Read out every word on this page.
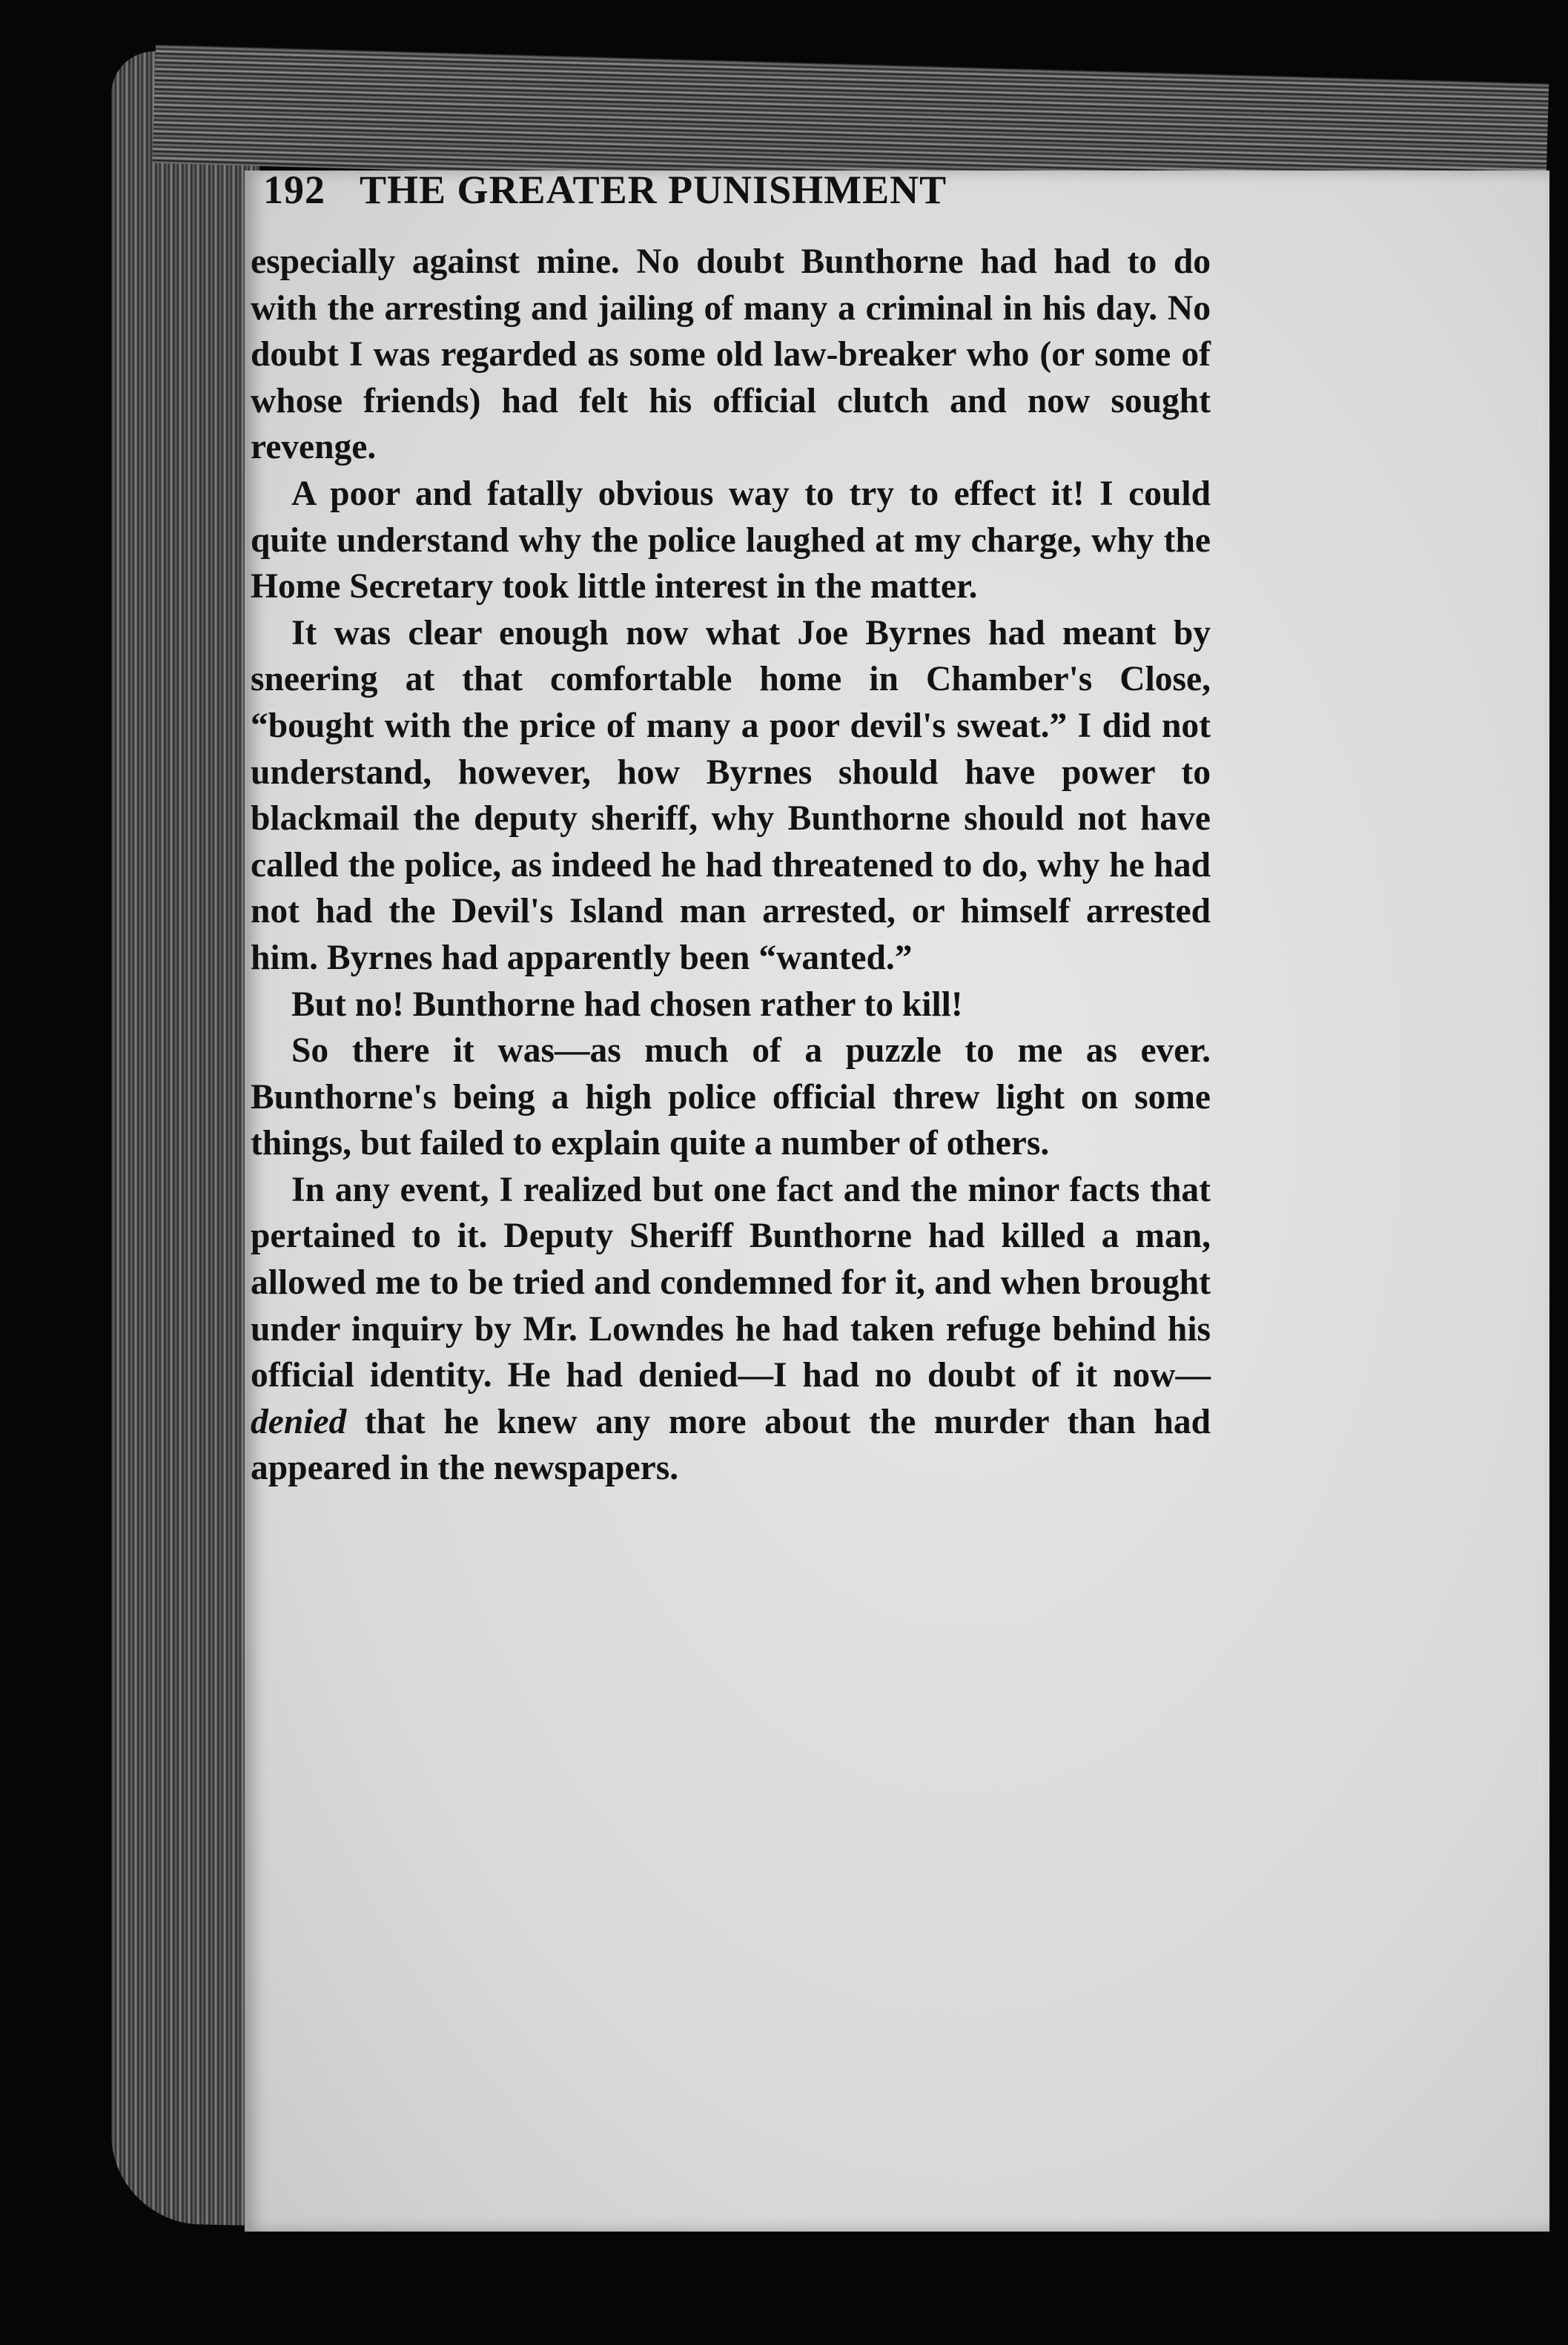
192 THE GREATER PUNISHMENT

especially against mine. No doubt Bunthorne had had to do with the arresting and jailing of many a criminal in his day. No doubt I was regarded as some old law-breaker who (or some of whose friends) had felt his official clutch and now sought revenge.

A poor and fatally obvious way to try to effect it! I could quite understand why the police laughed at my charge, why the Home Secretary took little interest in the matter.

It was clear enough now what Joe Byrnes had meant by sneering at that comfortable home in Chamber's Close, “bought with the price of many a poor devil's sweat.” I did not understand, however, how Byrnes should have power to blackmail the deputy sheriff, why Bunthorne should not have called the police, as indeed he had threatened to do, why he had not had the Devil's Island man arrested, or himself arrested him. Byrnes had apparently been “wanted.”

But no! Bunthorne had chosen rather to kill!

So there it was—as much of a puzzle to me as ever. Bunthorne's being a high police official threw light on some things, but failed to explain quite a number of others.

In any event, I realized but one fact and the minor facts that pertained to it. Deputy Sheriff Bunthorne had killed a man, allowed me to be tried and condemned for it, and when brought under inquiry by Mr. Lowndes he had taken refuge behind his official identity. He had denied—I had no doubt of it now— denied that he knew any more about the murder than had appeared in the newspapers.
